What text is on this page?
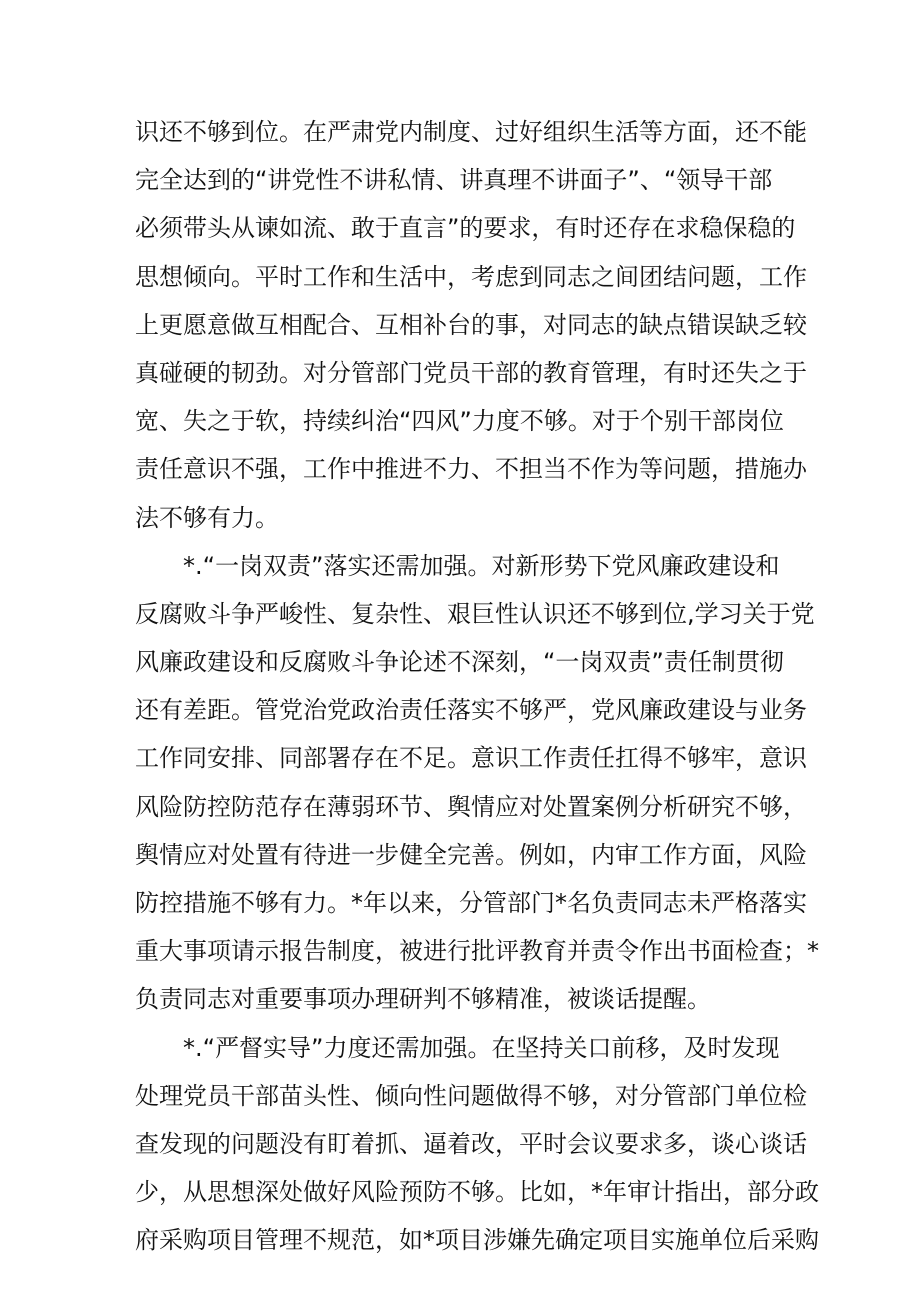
识还不够到位。在严肃党内制度、过好组织生活等方面，还不能
完全达到的“讲党性不讲私情、讲真理不讲面子”、“领导干部
必须带头从谏如流、敢于直言”的要求，有时还存在求稳保稳的
思想倾向。平时工作和生活中，考虑到同志之间团结问题，工作
上更愿意做互相配合、互相补台的事，对同志的缺点错误缺乏较
真碰硬的韧劲。对分管部门党员干部的教育管理，有时还失之于
宽、失之于软，持续纠治“四风”力度不够。对于个别干部岗位
责任意识不强，工作中推进不力、不担当不作为等问题，措施办
法不够有力。
*.“一岗双责”落实还需加强。对新形势下党风廉政建设和
反腐败斗争严峻性、复杂性、艰巨性认识还不够到位,学习关于党
风廉政建设和反腐败斗争论述不深刻，“一岗双责”责任制贯彻
还有差距。管党治党政治责任落实不够严，党风廉政建设与业务
工作同安排、同部署存在不足。意识工作责任扛得不够牢，意识
风险防控防范存在薄弱环节、舆情应对处置案例分析研究不够，
舆情应对处置有待进一步健全完善。例如，内审工作方面，风险
防控措施不够有力。*年以来，分管部门*名负责同志未严格落实
重大事项请示报告制度，被进行批评教育并责令作出书面检查；*
负责同志对重要事项办理研判不够精准，被谈话提醒。
*.“严督实导”力度还需加强。在坚持关口前移，及时发现
处理党员干部苗头性、倾向性问题做得不够，对分管部门单位检
查发现的问题没有盯着抓、逼着改，平时会议要求多，谈心谈话
少，从思想深处做好风险预防不够。比如，*年审计指出，部分政
府采购项目管理不规范，如*项目涉嫌先确定项目实施单位后采购
